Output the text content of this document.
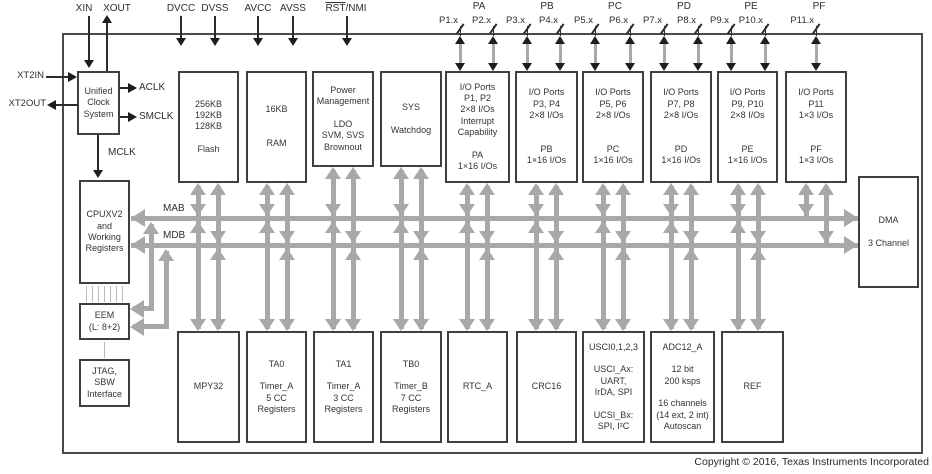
MAB
MDB
XIN	XOUT	$\overline{RST}$/NMI
XT2IN
XT2OUT
ACLK
SMCLK
MCLK
Unified
Clock
System
256KB
192KB
128KB

Flash
16KB

RAM
Power
Management

LDO
SVM, SVS
Brownout
SYS

Watchdog
I/O Ports
P1, P2
2×8 I/Os
Interrupt
Capability

PA
1×16 I/Os
I/O Ports
P3, P4
2×8 I/Os

PB
1×16 I/Os
I/O Ports
P5, P6
2×8 I/Os

PC
1×16 I/Os
I/O Ports
P7, P8
2×8 I/Os

PD
1×16 I/Os
I/O Ports
P9, P10
2×8 I/Os

PE
1×16 I/Os
I/O Ports
P11
1×3 I/Os

PF
1×3 I/Os
CPUXV2
and
Working
Registers
EEM
(L: 8+2)
JTAG,
SBW
Interface
DMA

3 Channel
MPY32
TA0

Timer_A
5 CC
Registers
TA1

Timer_A
3 CC
Registers
TB0

Timer_B
7 CC
Registers
RTC_A	CRC16
USCI0,1,2,3

USCI_Ax:
UART,
IrDA, SPI

UCSI_Bx:
SPI, I²C
ADC12_A

12 bit
200 ksps

16 channels
(14 ext, 2 int)
Autoscan
REF
PA
P1.x	P2.x
PB
P3.x	P4.x
PC
P5.x	P6.x
PD
P7.x	P8.x
PE
P9.x	P10.x
PF
P11.x
DVCC DVSS	AVCC AVSS
Copyright © 2016, Texas Instruments Incorporated
